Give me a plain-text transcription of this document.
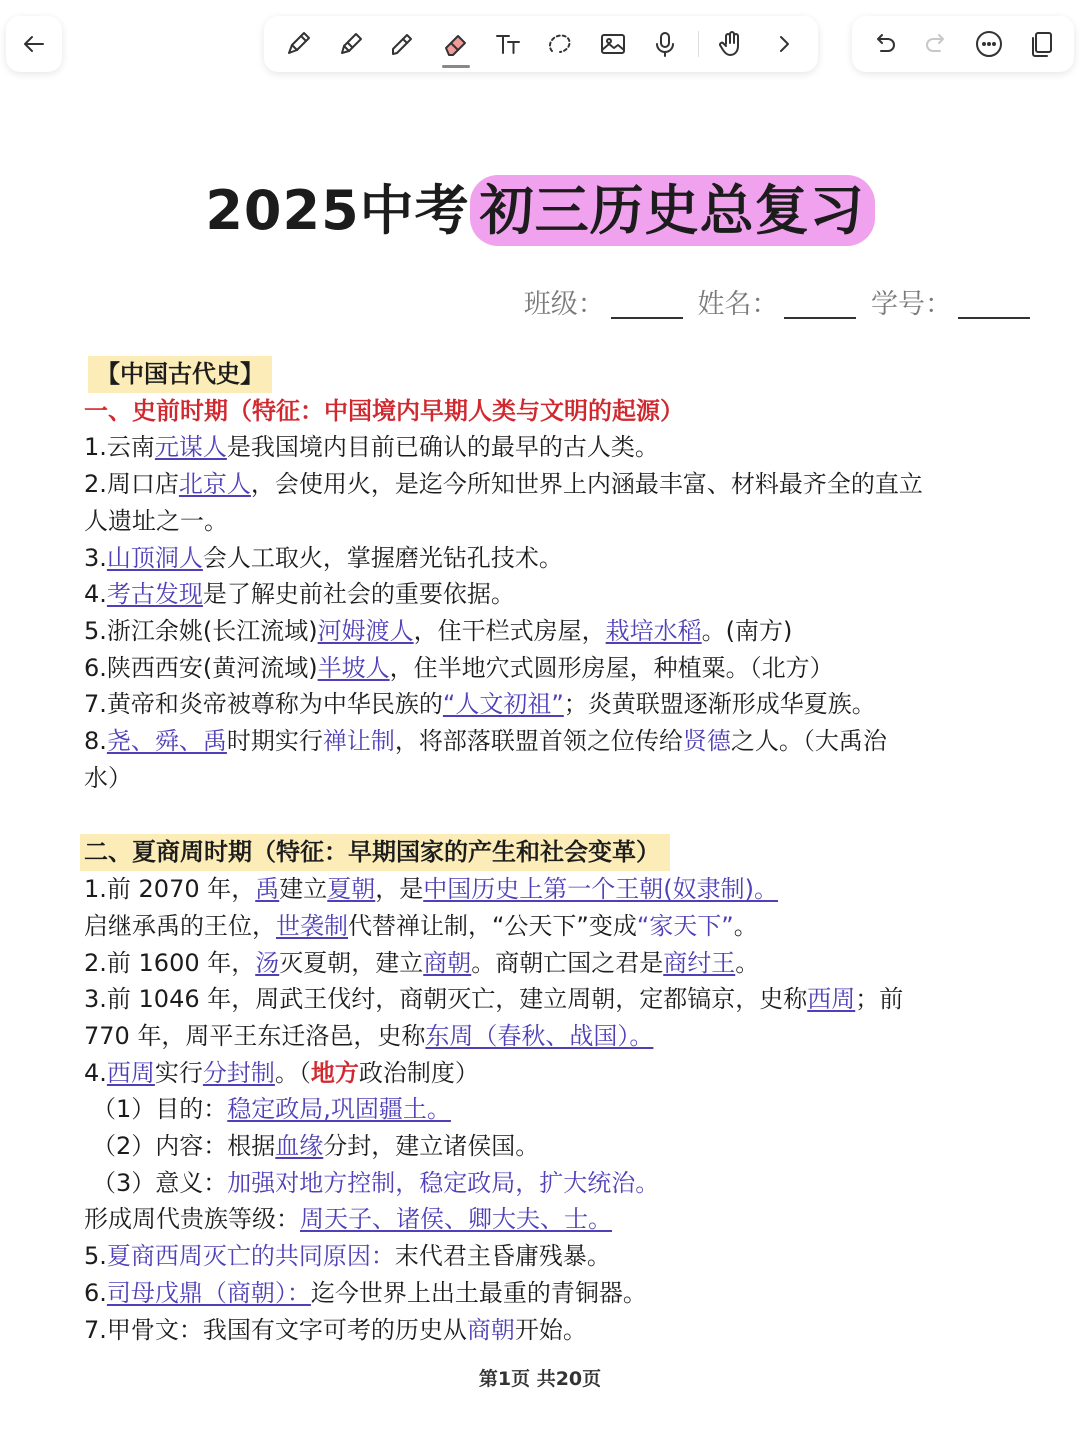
2025中考 初三历史总复习
班级：	姓名：	学号：

【中国古代史】

一、史前时期（特征：中国境内早期人类与文明的起源）

1.云南元谋人是我国境内目前已确认的最早的古人类。

2.周口店北京人，会使用火，是迄今所知世界上内涵最丰富、材料最齐全的直立

人遗址之一。

3.山顶洞人会人工取火，掌握磨光钻孔技术。

4.考古发现是了解史前社会的重要依据。

5.浙江余姚(长江流域)河姆渡人，住干栏式房屋，栽培水稻。(南方)

6.陕西西安(黄河流域)半坡人，住半地穴式圆形房屋，种植粟。（北方）

7.黄帝和炎帝被尊称为中华民族的“人文初祖”；炎黄联盟逐渐形成华夏族。

8.尧、舜、禹时期实行禅让制，将部落联盟首领之位传给贤德之人。（大禹治

水）

二、夏商周时期（特征：早期国家的产生和社会变革）

1.前 2070 年，禹建立夏朝，是中国历史上第一个王朝(奴隶制)。

启继承禹的王位，世袭制代替禅让制，“公天下”变成“家天下”。

2.前 1600 年，汤灭夏朝，建立商朝。商朝亡国之君是商纣王。

3.前 1046 年，周武王伐纣，商朝灭亡，建立周朝，定都镐京，史称西周；前

770 年，周平王东迁洛邑，史称东周（春秋、战国）。

4.西周实行分封制。（地方政治制度）

（1）目的：稳定政局,巩固疆土。

（2）内容：根据血缘分封，建立诸侯国。

（3）意义：加强对地方控制，稳定政局，扩大统治。

形成周代贵族等级：周天子、诸侯、卿大夫、士。

5.夏商西周灭亡的共同原因：末代君主昏庸残暴。

6.司母戊鼎（商朝）：迄今世界上出土最重的青铜器。

7.甲骨文：我国有文字可考的历史从商朝开始。

第1页 共20页
